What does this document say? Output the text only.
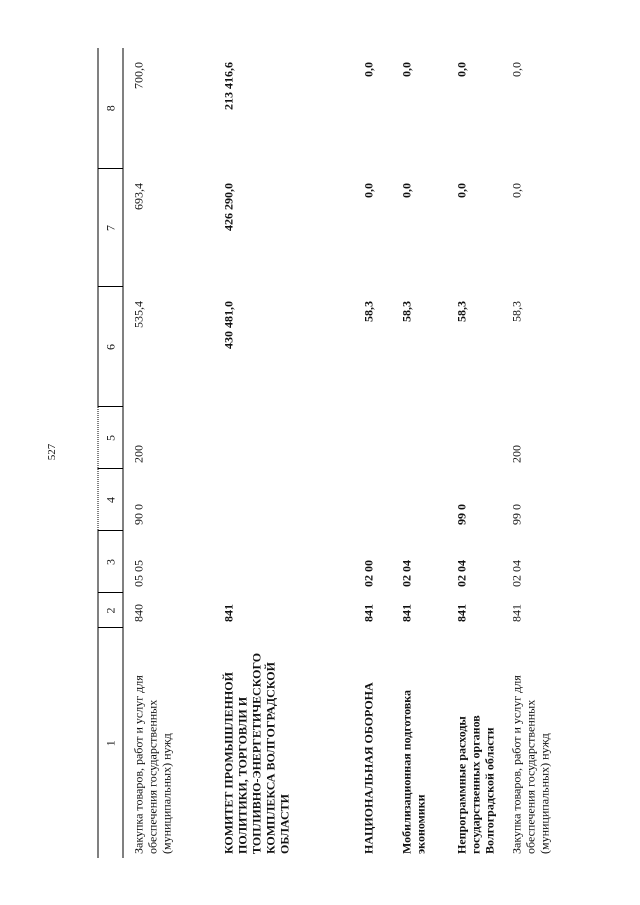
527
1	2	3	4	5	6	7	8
Закупка товаров, работ и услуг для обеспечения государственных (муниципальных) нужд	840	05 05	90 0	200	535,4	693,4	700,0
КОМИТЕТ ПРОМЫШЛЕННОЙ ПОЛИТИКИ, ТОРГОВЛИ И ТОПЛИВНО-ЭНЕРГЕТИЧЕСКОГО КОМПЛЕКСА ВОЛГОГРАДСКОЙ ОБЛАСТИ	841				430 481,0	426 290,0	213 416,6
НАЦИОНАЛЬНАЯ ОБОРОНА	841	02 00			58,3	0,0	0,0
Мобилизационная подготовка экономики	841	02 04			58,3	0,0	0,0
Непрограммные расходы государственных органов Волгоградской области	841	02 04	99 0		58,3	0,0	0,0
Закупка товаров, работ и услуг для обеспечения государственных (муниципальных) нужд	841	02 04	99 0	200	58,3	0,0	0,0
